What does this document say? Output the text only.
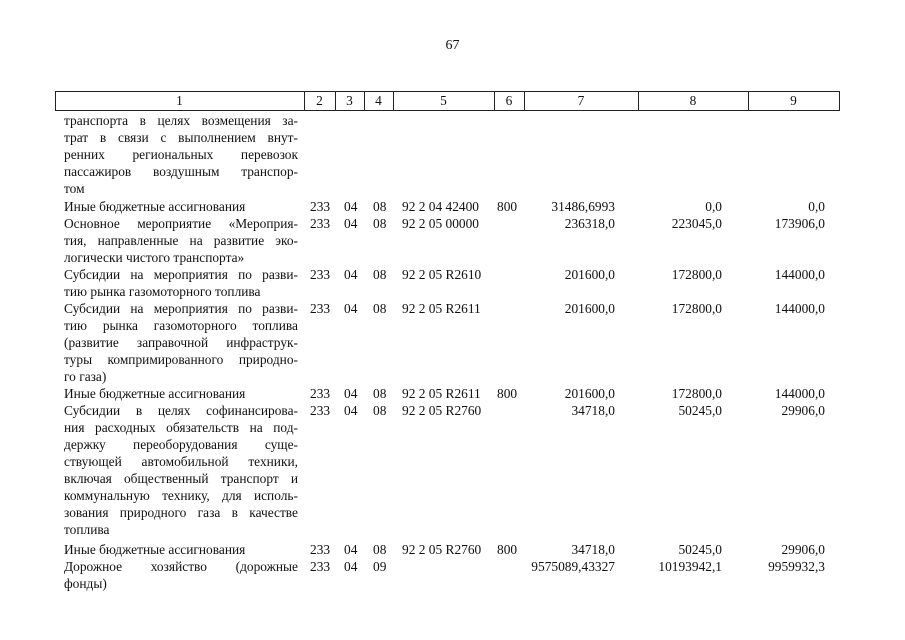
67
1	2	3	4	5	6	7	8	9
транспорта в целях возмещения за-
трат в связи с выполнением внут-
ренних региональных перевозок
пассажиров воздушным транспор-
том
Иные бюджетные ассигнования	233 04 08 92 2 04 42400 800	31486,6993	0,0	0,0
Основное мероприятие «Мероприя-
тия, направленные на развитие эко-
логически чистого транспорта»
233 04 08 92 2 05 00000	236318,0	223045,0	173906,0
Субсидии на мероприятия по разви-
тию рынка газомоторного топлива
233 04 08 92 2 05 R2610	201600,0	172800,0	144000,0
Субсидии на мероприятия по разви-
тию рынка газомоторного топлива
(развитие заправочной инфраструк-
туры компримированного природно-
го газа)
233 04 08 92 2 05 R2611	201600,0	172800,0	144000,0
Иные бюджетные ассигнования	233 04 08 92 2 05 R2611 800	201600,0	172800,0	144000,0
Субсидии в целях софинансирова-
ния расходных обязательств на под-
держку переоборудования суще-
ствующей автомобильной техники,
включая общественный транспорт и
коммунальную технику, для исполь-
зования природного газа в качестве
топлива
233 04 08 92 2 05 R2760	34718,0	50245,0	29906,0
Иные бюджетные ассигнования	233 04 08 92 2 05 R2760 800	34718,0	50245,0	29906,0
Дорожное хозяйство (дорожные
фонды)
233 04 09	9575089,43327	10193942,1	9959932,3
